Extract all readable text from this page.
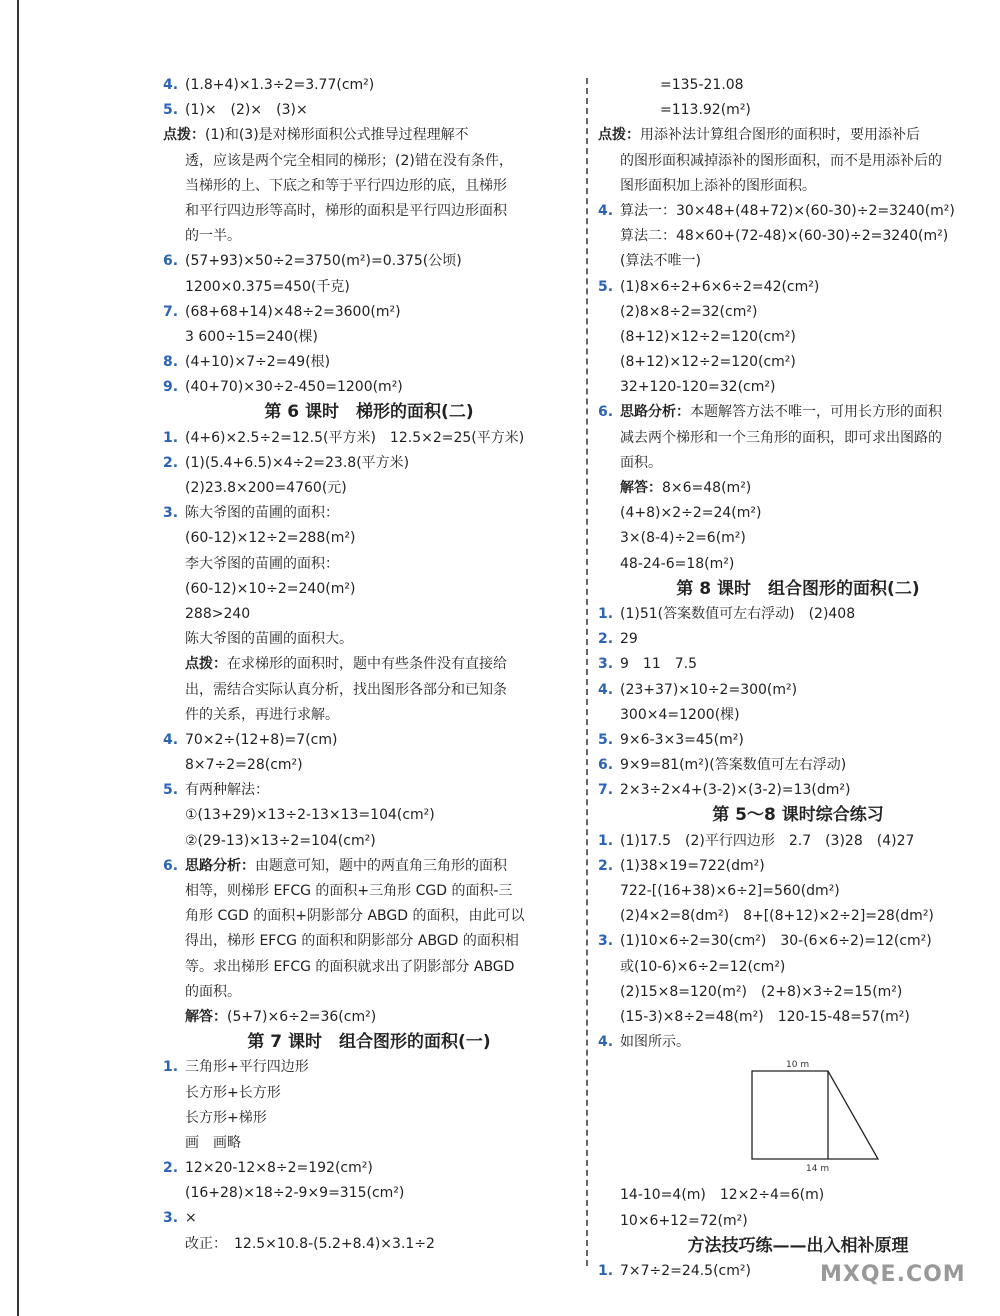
4. (1.8+4)×1.3÷2=3.77(cm²)
5. (1)×　(2)×　(3)×
点拨：(1)和(3)是对梯形面积公式推导过程理解不
透，应该是两个完全相同的梯形；(2)错在没有条件，
当梯形的上、下底之和等于平行四边形的底，且梯形
和平行四边形等高时，梯形的面积是平行四边形面积
的一半。
6. (57+93)×50÷2=3750(m²)=0.375(公顷)
1200×0.375=450(千克)
7. (68+68+14)×48÷2=3600(m²)
3 600÷15=240(棵)
8. (4+10)×7÷2=49(根)
9. (40+70)×30÷2-450=1200(m²)
第 6 课时　梯形的面积(二)
1. (4+6)×2.5÷2=12.5(平方米)　12.5×2=25(平方米)
2. (1)(5.4+6.5)×4÷2=23.8(平方米)
(2)23.8×200=4760(元)
3. 陈大爷图的苗圃的面积：
(60-12)×12÷2=288(m²)
李大爷图的苗圃的面积：
(60-12)×10÷2=240(m²)
288>240
陈大爷图的苗圃的面积大。
点拨：在求梯形的面积时，题中有些条件没有直接给
出，需结合实际认真分析，找出图形各部分和已知条
件的关系，再进行求解。
4. 70×2÷(12+8)=7(cm)
8×7÷2=28(cm²)
5. 有两种解法：
①(13+29)×13÷2-13×13=104(cm²)
②(29-13)×13÷2=104(cm²)
6. 思路分析：由题意可知，题中的两直角三角形的面积
相等，则梯形 EFCG 的面积+三角形 CGD 的面积-三
角形 CGD 的面积+阴影部分 ABGD 的面积，由此可以
得出，梯形 EFCG 的面积和阴影部分 ABGD 的面积相
等。求出梯形 EFCG 的面积就求出了阴影部分 ABGD
的面积。
解答：(5+7)×6÷2=36(cm²)
第 7 课时　组合图形的面积(一)
1. 三角形+平行四边形
长方形+长方形
长方形+梯形
画　画略
2. 12×20-12×8÷2=192(cm²)
(16+28)×18÷2-9×9=315(cm²)
3. ×
改正：　12.5×10.8-(5.2+8.4)×3.1÷2
=135-21.08
=113.92(m²)
点拨：用添补法计算组合图形的面积时，要用添补后
的图形面积减掉添补的图形面积，而不是用添补后的
图形面积加上添补的图形面积。
4. 算法一：30×48+(48+72)×(60-30)÷2=3240(m²)
算法二：48×60+(72-48)×(60-30)÷2=3240(m²)
(算法不唯一)
5. (1)8×6÷2+6×6÷2=42(cm²)
(2)8×8÷2=32(cm²)
(8+12)×12÷2=120(cm²)
(8+12)×12÷2=120(cm²)
32+120-120=32(cm²)
6. 思路分析：本题解答方法不唯一，可用长方形的面积
减去两个梯形和一个三角形的面积，即可求出图路的
面积。
解答：8×6=48(m²)
(4+8)×2÷2=24(m²)
3×(8-4)÷2=6(m²)
48-24-6=18(m²)
第 8 课时　组合图形的面积(二)
1. (1)51(答案数值可左右浮动)　(2)408
2. 29
3. 9　11　7.5
4. (23+37)×10÷2=300(m²)
300×4=1200(棵)
5. 9×6-3×3=45(m²)
6. 9×9=81(m²)(答案数值可左右浮动)
7. 2×3÷2×4+(3-2)×(3-2)=13(dm²)
第 5～8 课时综合练习
1. (1)17.5　(2)平行四边形　2.7　(3)28　(4)27
2. (1)38×19=722(dm²)
722-[(16+38)×6÷2]=560(dm²)
(2)4×2=8(dm²)　8+[(8+12)×2÷2]=28(dm²)
3. (1)10×6÷2=30(cm²)　30-(6×6÷2)=12(cm²)
或(10-6)×6÷2=12(cm²)
(2)15×8=120(m²)　(2+8)×3÷2=15(m²)
(15-3)×8÷2=48(m²)　120-15-48=57(m²)
4. 如图所示。
10 m
14 m
14-10=4(m)　12×2÷4=6(m)
10×6+12=72(m²)
方法技巧练——出入相补原理
1. 7×7÷2=24.5(cm²)	MXQE.COM
